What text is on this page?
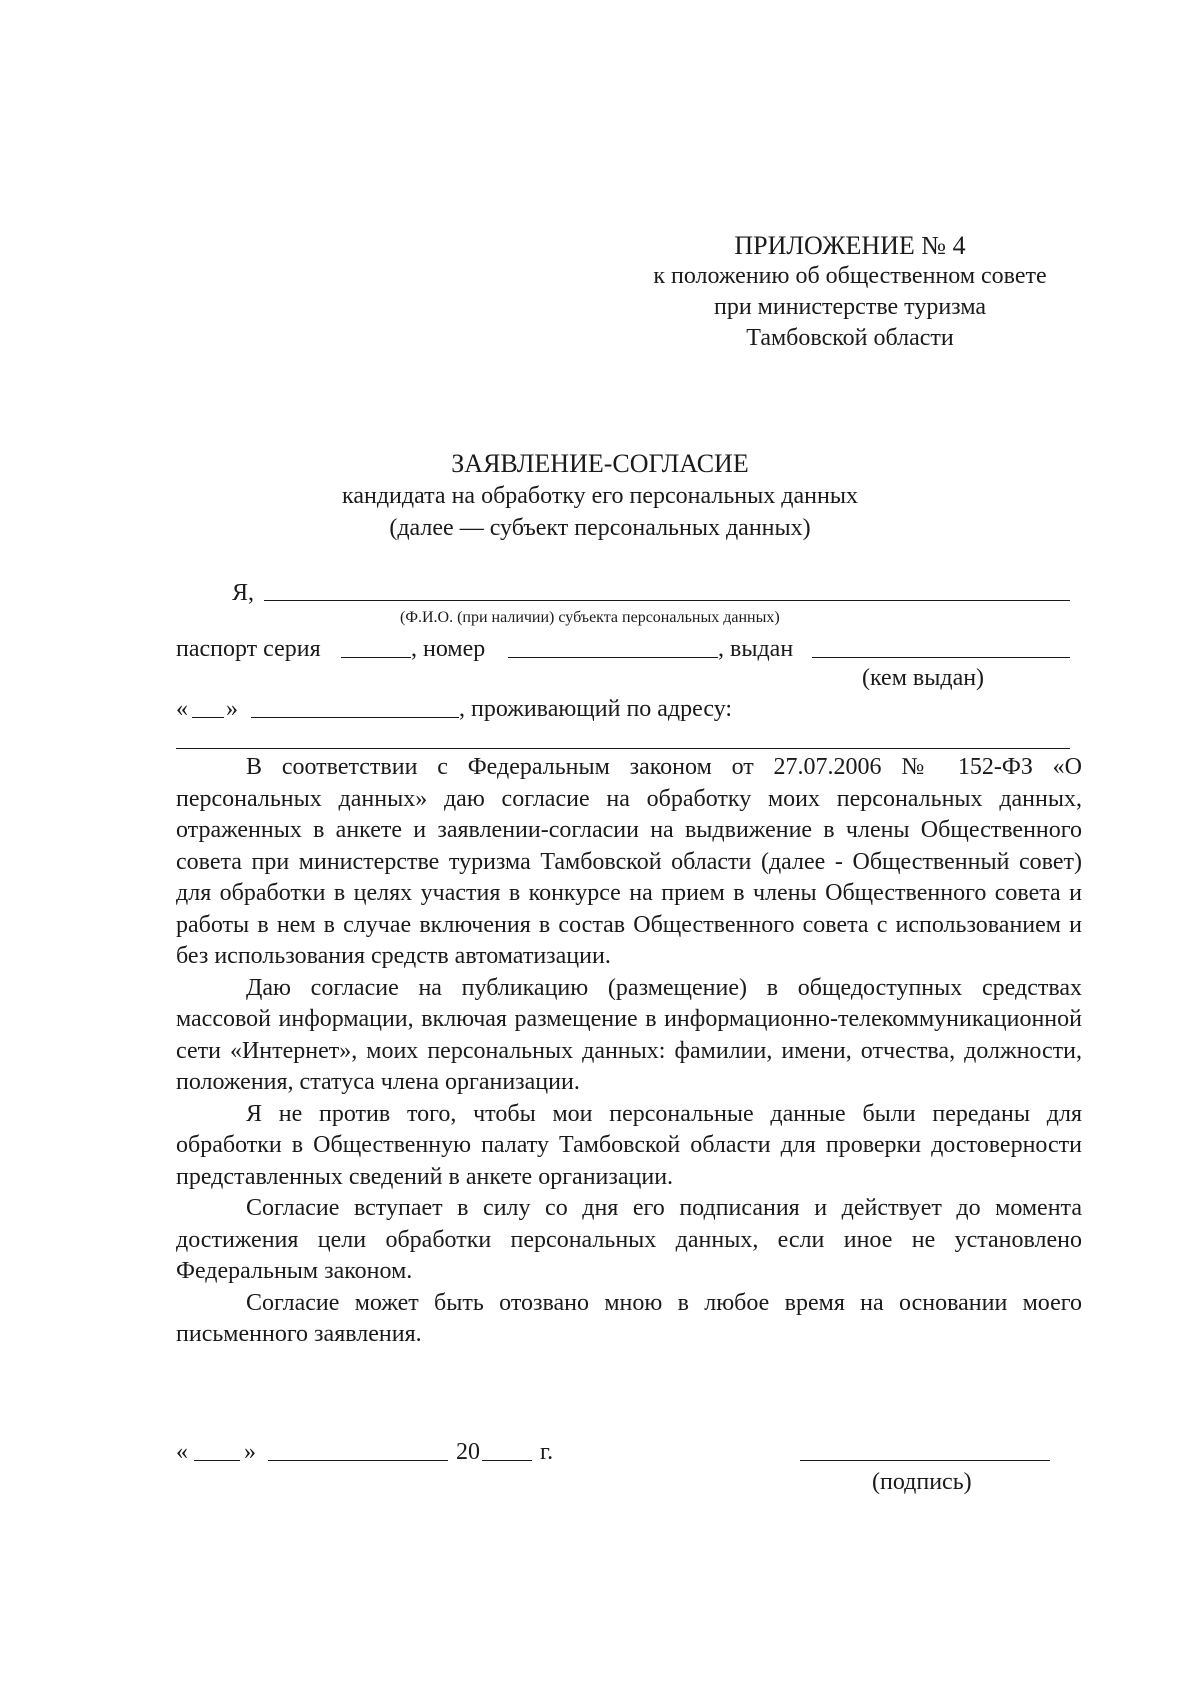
ПРИЛОЖЕНИЕ № 4
к положению об общественном совете
при министерстве туризма
Тамбовской области
ЗАЯВЛЕНИЕ-СОГЛАСИЕ
кандидата на обработку его персональных данных
(далее — субъект персональных данных)
Я,
(Ф.И.О. (при наличии) субъекта персональных данных)
паспорт серия	, номер	, выдан
(кем выдан)
« »	, проживающий по адресу:

В соответствии с Федеральным законом от 27.07.2006 № 152-ФЗ «О персональных данных» даю согласие на обработку моих персональных данных, отраженных в анкете и заявлении-согласии на выдвижение в члены Общественного совета при министерстве туризма Тамбовской области (далее - Общественный совет) для обработки в целях участия в конкурсе на прием в члены Общественного совета и работы в нем в случае включения в состав Общественного совета с использованием и без использования средств автоматизации.

Даю согласие на публикацию (размещение) в общедоступных средствах массовой информации, включая размещение в информационно-телекоммуникационной сети «Интернет», моих персональных данных: фамилии, имени, отчества, должности, положения, статуса члена организации.

Я не против того, чтобы мои персональные данные были переданы для обработки в Общественную палату Тамбовской области для проверки достоверности представленных сведений в анкете организации.

Согласие вступает в силу со дня его подписания и действует до момента достижения цели обработки персональных данных, если иное не установлено Федеральным законом.

Согласие может быть отозвано мною в любое время на основании моего письменного заявления.

« »	20	г.
(подпись)
